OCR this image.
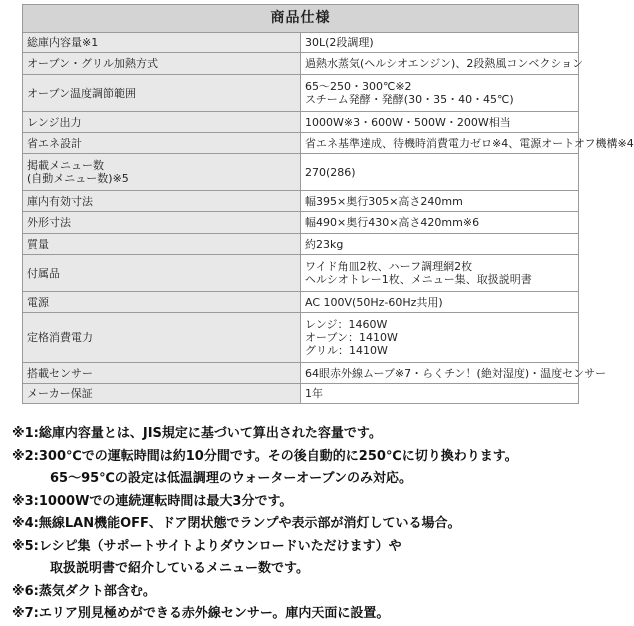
商品仕様	
総庫内容量※1	30L(2段調理)

オーブン・グリル加熱方式	過熱水蒸気(ヘルシオエンジン)、2段熱風コンベクション

オーブン温度調節範囲	65～250・300℃※2
スチーム発酵・発酵(30・35・40・45℃)

レンジ出力	1000W※3・600W・500W・200W相当

省エネ設計	省エネ基準達成、待機時消費電力ゼロ※4、電源オートオフ機構※4

掲載メニュー数
(自動メニュー数)※5	270(286)

庫内有効寸法	幅395×奥行305×高さ240mm

外形寸法	幅490×奥行430×高さ420mm※6

質量	約23kg

付属品	ワイド角皿2枚、ハーフ調理網2枚
ヘルシオトレー1枚、メニュー集、取扱説明書

電源	AC 100V(50Hz-60Hz共用)

定格消費電力	レンジ：1460W
オーブン：1410W
グリル：1410W

搭載センサー	64眼赤外線ムーブ※7・らくチン！(絶対湿度)・温度センサー

メーカー保証	1年
※1:総庫内容量とは、JIS規定に基づいて算出された容量です。
※2:300℃での運転時間は約10分間です。その後自動的に250℃に切り換わります。
65～95℃の設定は低温調理のウォーターオーブンのみ対応。
※3:1000Wでの連続運転時間は最大3分です。
※4:無線LAN機能OFF、ドア閉状態でランプや表示部が消灯している場合。
※5:レシピ集（サポートサイトよりダウンロードいただけます）や
取扱説明書で紹介しているメニュー数です。
※6:蒸気ダクト部含む。
※7:エリア別見極めができる赤外線センサー。庫内天面に設置。
